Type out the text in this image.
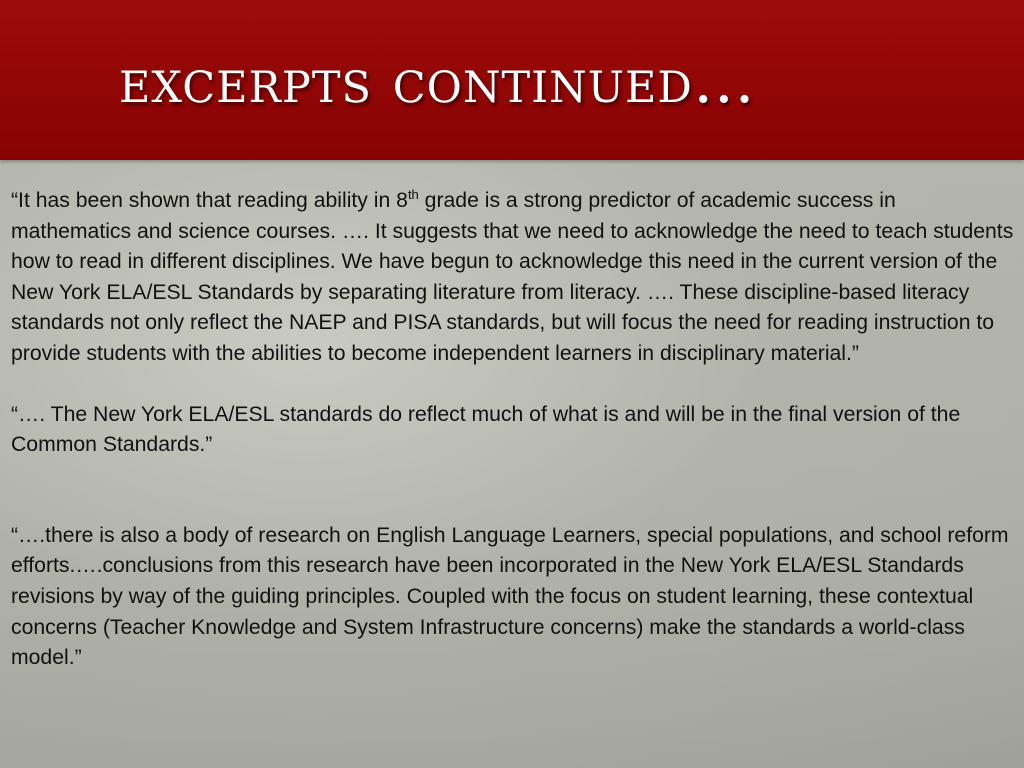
excerpts continued…

“It has been shown that reading ability in 8th grade is a strong predictor of academic success in mathematics and science courses. …. It suggests that we need to acknowledge the need to teach students how to read in different disciplines. We have begun to acknowledge this need in the current version of the New York ELA/ESL Standards by separating literature from literacy. …. These discipline-based literacy standards not only reflect the NAEP and PISA standards, but will focus the need for reading instruction to provide students with the abilities to become independent learners in disciplinary material.”

“…. The New York ELA/ESL standards do reflect much of what is and will be in the final version of the Common Standards.”

“….there is also a body of research on English Language Learners, special populations, and school reform efforts.….conclusions from this research have been incorporated in the New York ELA/ESL Standards revisions by way of the guiding principles. Coupled with the focus on student learning, these contextual concerns (Teacher Knowledge and System Infrastructure concerns) make the standards a world-class model.”
